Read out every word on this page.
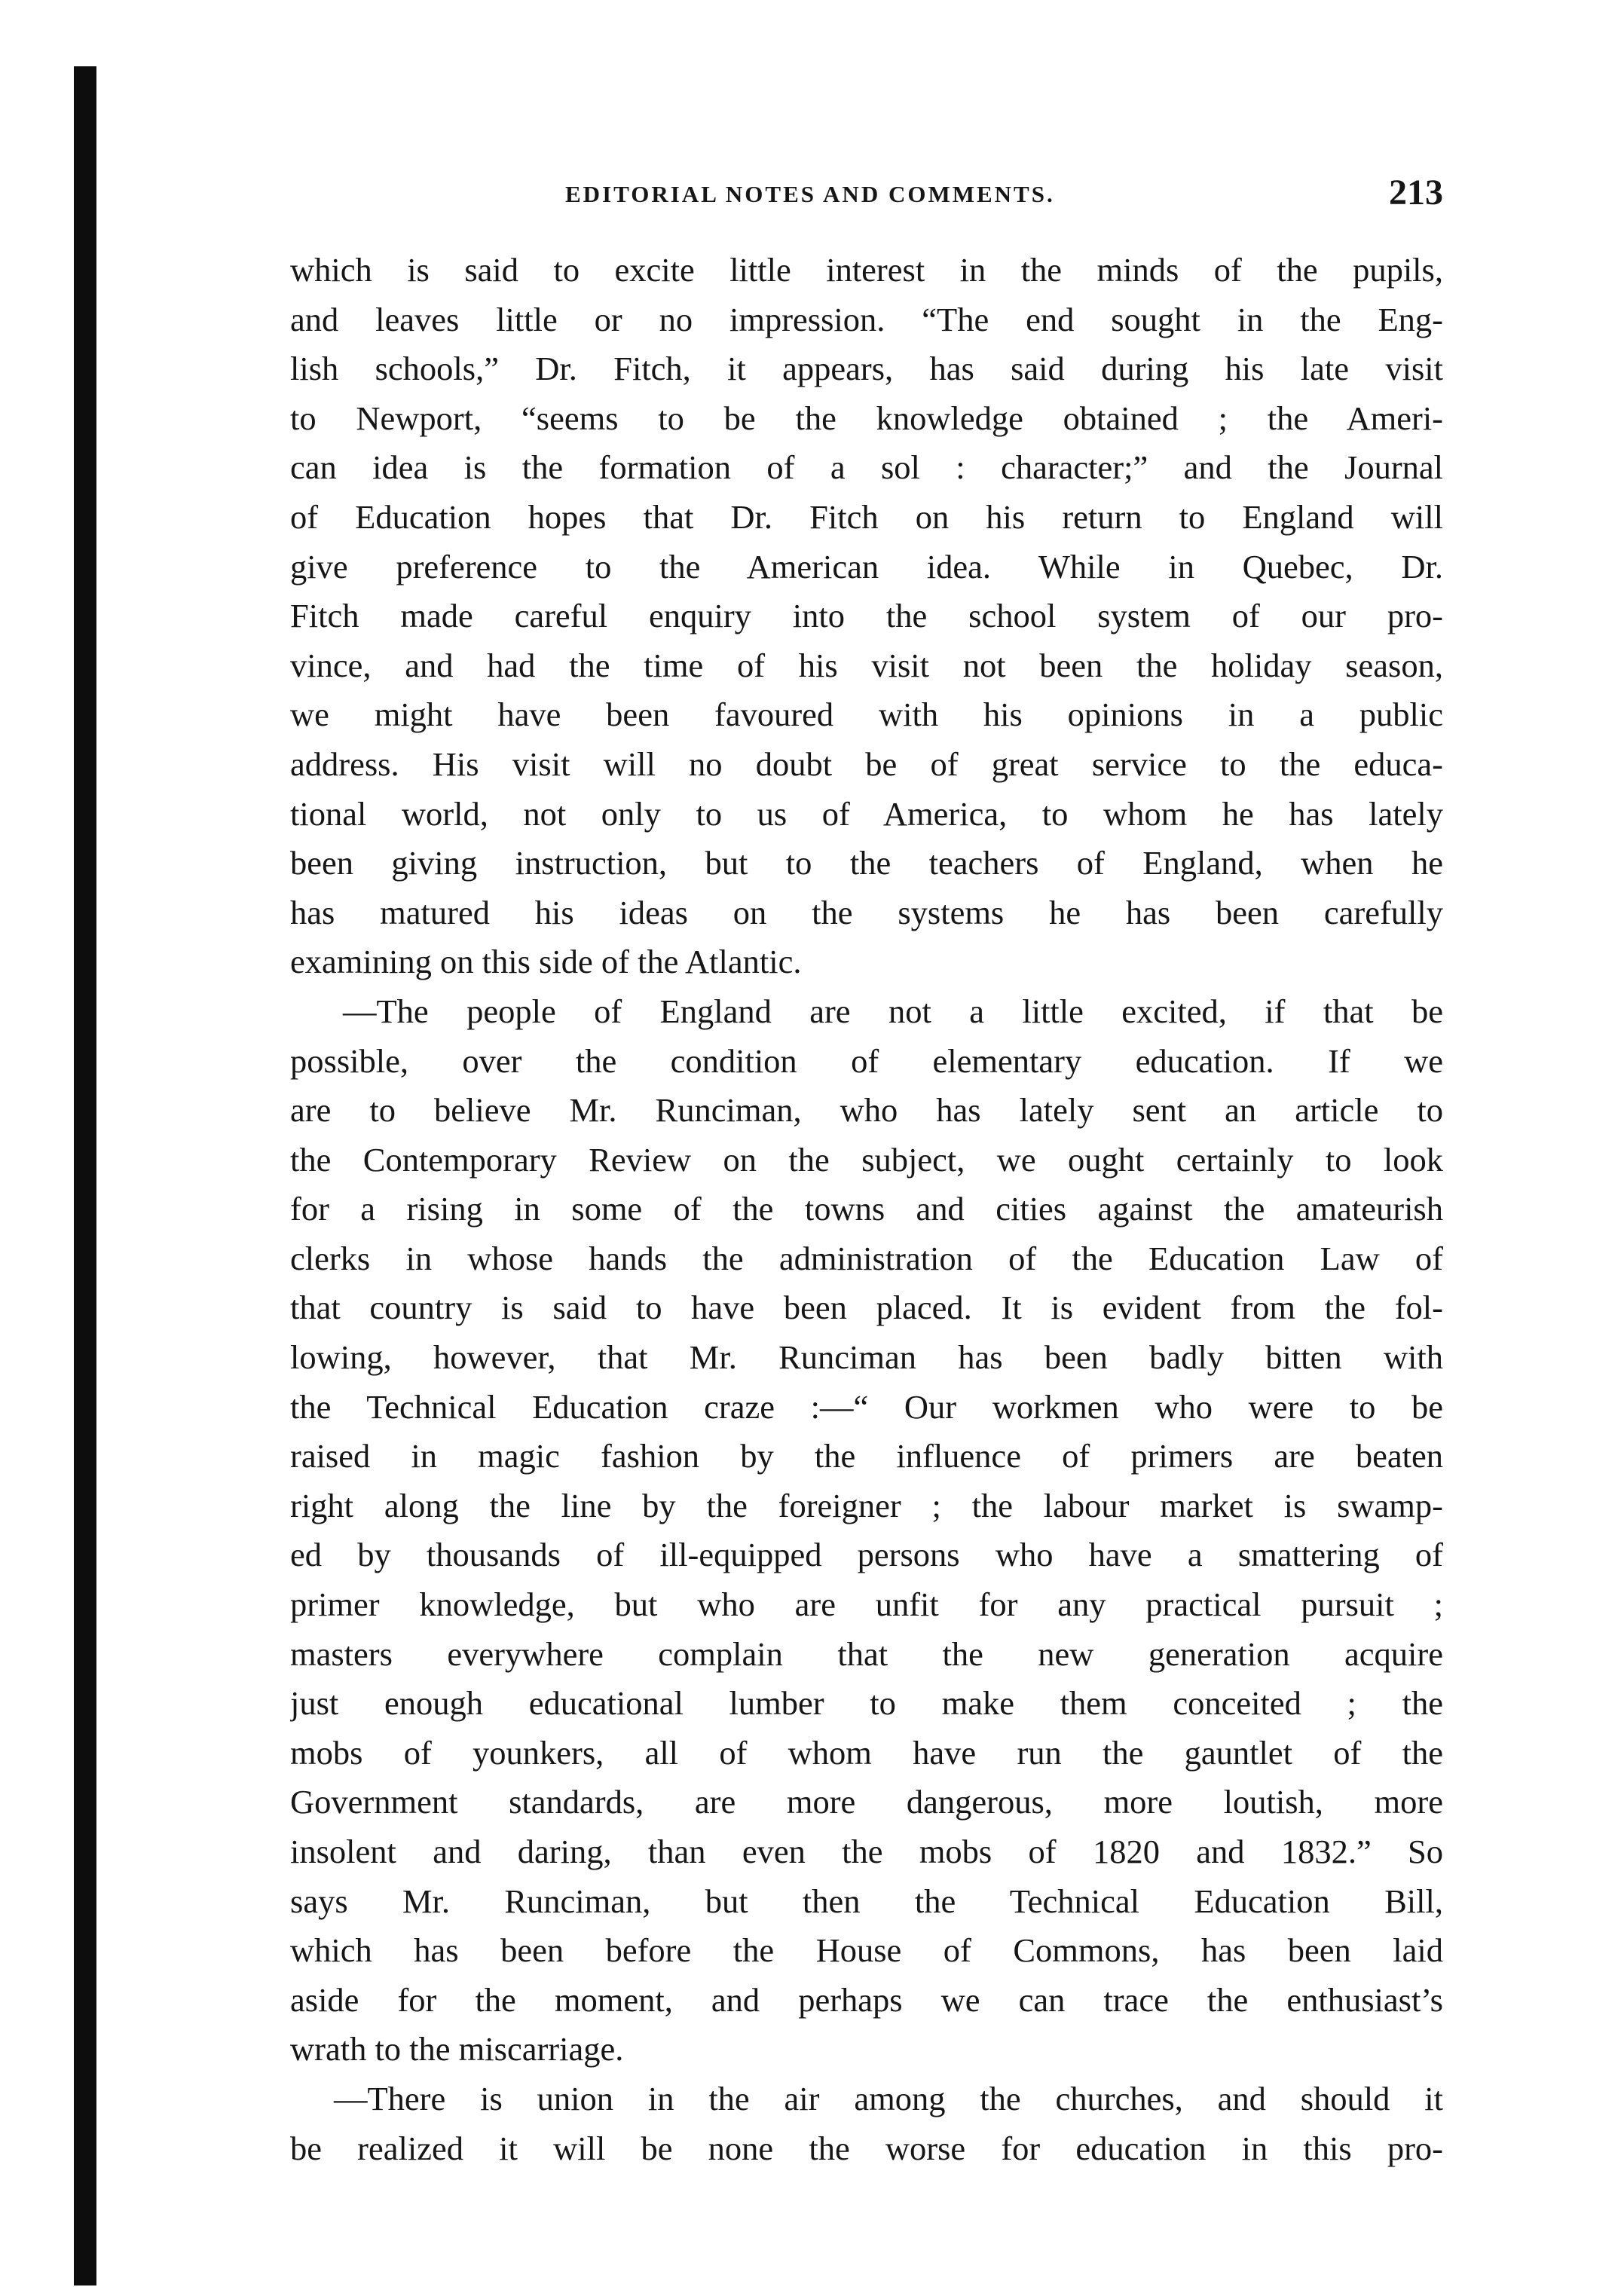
EDITORIAL NOTES AND COMMENTS.	213
which is said to excite little interest in the minds of the pupils,
and leaves little or no impression. “The end sought in the Eng-
lish schools,” Dr. Fitch, it appears, has said during his late visit
to Newport, “seems to be the knowledge obtained ; the Ameri-
can idea is the formation of a sol : character;” and the Journal
of Education hopes that Dr. Fitch on his return to England will
give preference to the American idea. While in Quebec, Dr.
Fitch made careful enquiry into the school system of our pro-
vince, and had the time of his visit not been the holiday season,
we might have been favoured with his opinions in a public
address. His visit will no doubt be of great service to the educa-
tional world, not only to us of America, to whom he has lately
been giving instruction, but to the teachers of England, when he
has matured his ideas on the systems he has been carefully
examining on this side of the Atlantic.
—The people of England are not a little excited, if that be
possible, over the condition of elementary education. If we
are to believe Mr. Runciman, who has lately sent an article to
the Contemporary Review on the subject, we ought certainly to look
for a rising in some of the towns and cities against the amateurish
clerks in whose hands the administration of the Education Law of
that country is said to have been placed. It is evident from the fol-
lowing, however, that Mr. Runciman has been badly bitten with
the Technical Education craze :—“ Our workmen who were to be
raised in magic fashion by the influence of primers are beaten
right along the line by the foreigner ; the labour market is swamp-
ed by thousands of ill-equipped persons who have a smattering of
primer knowledge, but who are unfit for any practical pursuit ;
masters everywhere complain that the new generation acquire
just enough educational lumber to make them conceited ; the
mobs of younkers, all of whom have run the gauntlet of the
Government standards, are more dangerous, more loutish, more
insolent and daring, than even the mobs of 1820 and 1832.” So
says Mr. Runciman, but then the Technical Education Bill,
which has been before the House of Commons, has been laid
aside for the moment, and perhaps we can trace the enthusiast’s
wrath to the miscarriage.
—There is union in the air among the churches, and should it
be realized it will be none the worse for education in this pro-
